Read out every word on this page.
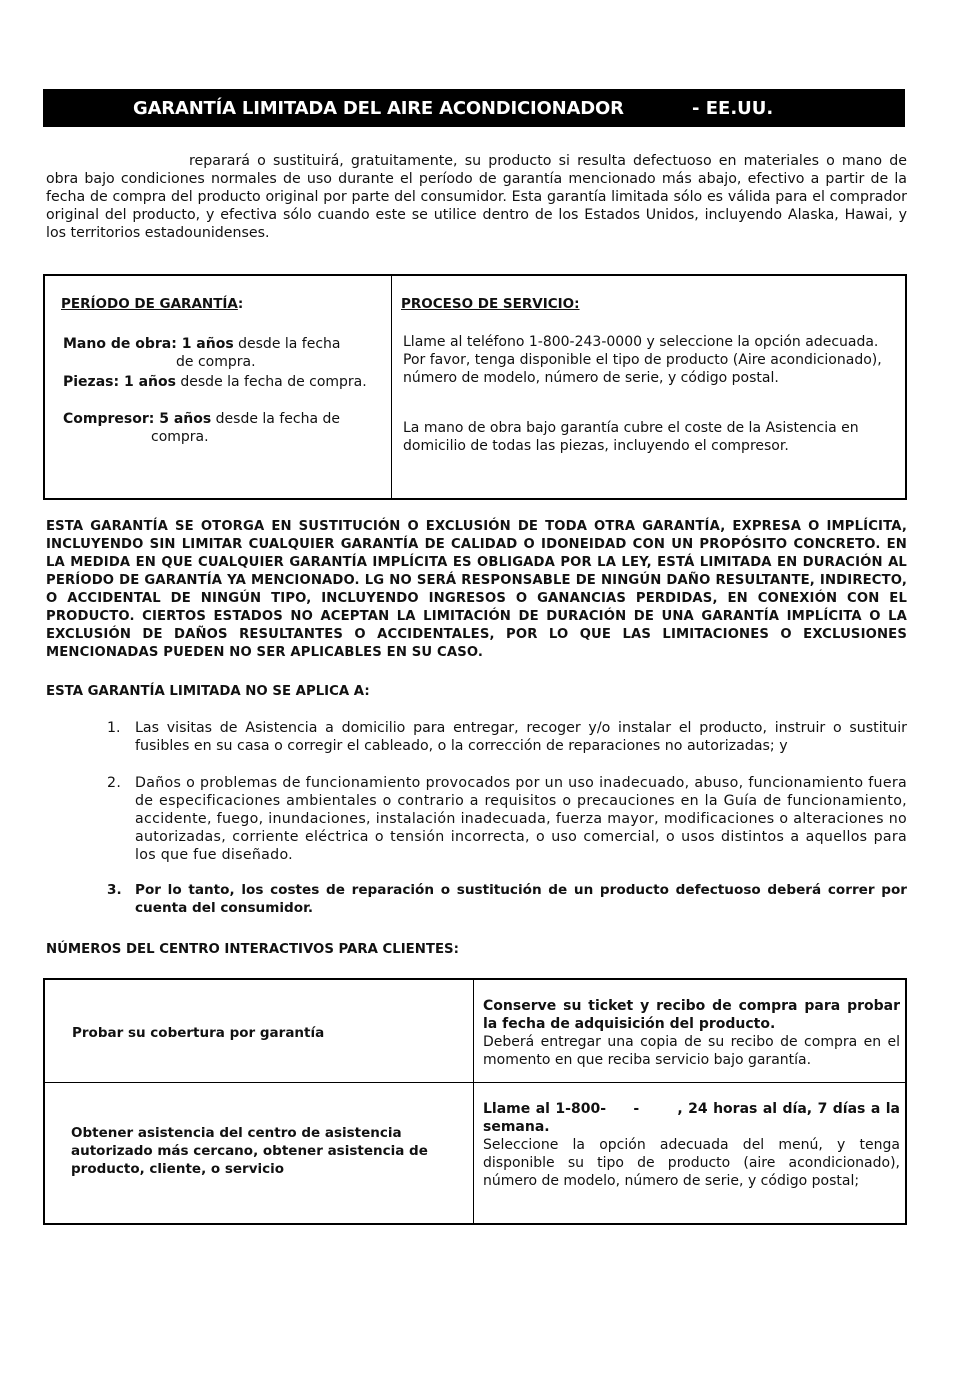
GARANTÍA LIMITADA DEL AIRE ACONDICIONADOR	- EE.UU.
reparará o sustituirá, gratuitamente, su producto si resulta defectuoso en materiales o mano de obra bajo condiciones normales de uso durante el período de garantía mencionado más abajo, efectivo a partir de la fecha de compra del producto original por parte del consumidor. Esta garantía limitada sólo es válida para el comprador original del producto, y efectiva sólo cuando este se utilice dentro de los Estados Unidos, incluyendo Alaska, Hawai, y los territorios estadounidenses.
PERÍODO DE GARANTÍA:
Mano de obra: 1 años desde la fecha
de compra.
Piezas: 1 años desde la fecha de compra.
Compresor: 5 años desde la fecha de
compra.
PROCESO DE SERVICIO:
Llame al teléfono 1-800-243-0000 y seleccione la opción adecuada. Por favor, tenga disponible el tipo de producto (Aire acondicionado), número de modelo, número de serie, y código postal.
La mano de obra bajo garantía cubre el coste de la Asistencia en domicilio de todas las piezas, incluyendo el compresor.
ESTA GARANTÍA SE OTORGA EN SUSTITUCIÓN O EXCLUSIÓN DE TODA OTRA GARANTÍA, EXPRESA O IMPLÍCITA, INCLUYENDO SIN LIMITAR CUALQUIER GARANTÍA DE CALIDAD O IDONEIDAD CON UN PROPÓSITO CONCRETO. EN LA MEDIDA EN QUE CUALQUIER GARANTÍA IMPLÍCITA ES OBLIGADA POR LA LEY, ESTÁ LIMITADA EN DURACIÓN AL PERÍODO DE GARANTÍA YA MENCIONADO. LG NO SERÁ RESPONSABLE DE NINGÚN DAÑO RESULTANTE, INDIRECTO, O ACCIDENTAL DE NINGÚN TIPO, INCLUYENDO INGRESOS O GANANCIAS PERDIDAS, EN CONEXIÓN CON EL PRODUCTO. CIERTOS ESTADOS NO ACEPTAN LA LIMITACIÓN DE DURACIÓN DE UNA GARANTÍA IMPLÍCITA O LA EXCLUSIÓN DE DAÑOS RESULTANTES O ACCIDENTALES, POR LO QUE LAS LIMITACIONES O EXCLUSIONES MENCIONADAS PUEDEN NO SER APLICABLES EN SU CASO.
ESTA GARANTÍA LIMITADA NO SE APLICA A:
1. Las visitas de Asistencia a domicilio para entregar, recoger y/o instalar el producto, instruir o sustituir fusibles en su casa o corregir el cableado, o la corrección de reparaciones no autorizadas; y
2. Daños o problemas de funcionamiento provocados por un uso inadecuado, abuso, funcionamiento fuera de especificaciones ambientales o contrario a requisitos o precauciones en la Guía de funcionamiento, accidente, fuego, inundaciones, instalación inadecuada, fuerza mayor, modificaciones o alteraciones no autorizadas, corriente eléctrica o tensión incorrecta, o uso comercial, o usos distintos a aquellos para los que fue diseñado.
3. Por lo tanto, los costes de reparación o sustitución de un producto defectuoso deberá correr por cuenta del consumidor.
NÚMEROS DEL CENTRO INTERACTIVOS PARA CLIENTES:
Probar su cobertura por garantía
Conserve su ticket y recibo de compra para probar la fecha de adquisición del producto.
Deberá entregar una copia de su recibo de compra en el momento en que reciba servicio bajo garantía.
Obtener asistencia del centro de asistencia autorizado más cercano, obtener asistencia de producto, cliente, o servicio
Llame al 1-800-     -       , 24 horas al día, 7 días a la semana.
Seleccione la opción adecuada del menú, y tenga disponible su tipo de producto (aire acondicionado), número de modelo, número de serie, y código postal;
